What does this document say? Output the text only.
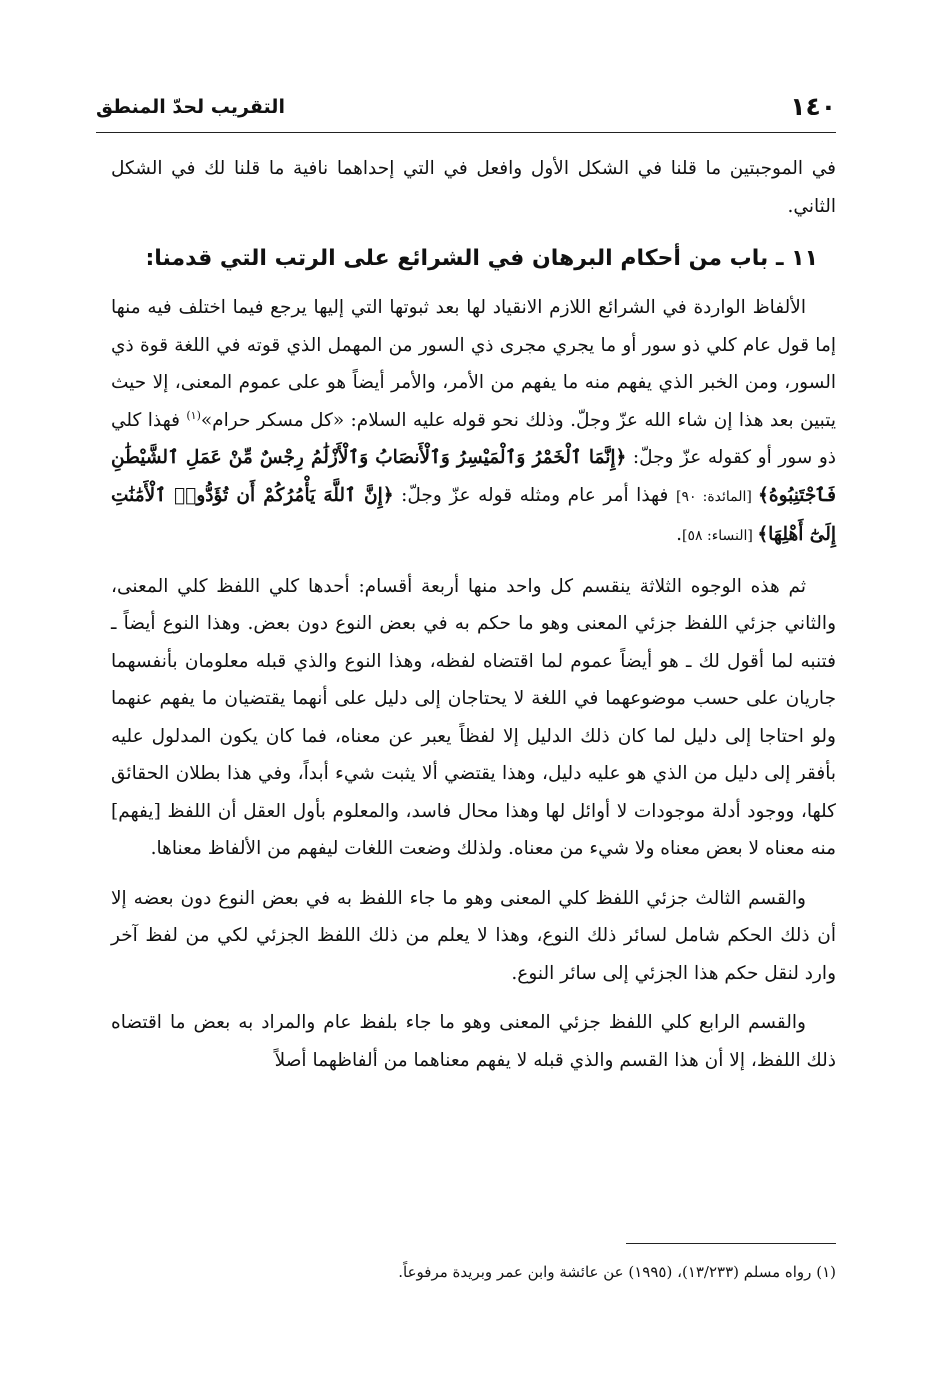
١٤٠
التقريب لحدّ المنطق

في الموجبتين ما قلنا في الشكل الأول وافعل في التي إحداهما نافية ما قلنا لك في الشكل الثاني.

١١ ـ باب من أحكام البرهان في الشرائع على الرتب التي قدمنا:

الألفاظ الواردة في الشرائع اللازم الانقياد لها بعد ثبوتها التي إليها يرجع فيما اختلف فيه منها إما قول عام كلي ذو سور أو ما يجري مجرى ذي السور من المهمل الذي قوته في اللغة قوة ذي السور، ومن الخبر الذي يفهم منه ما يفهم من الأمر، والأمر أيضاً هو على عموم المعنى، إلا حيث يتبين بعد هذا إن شاء الله عزّ وجلّ. وذلك نحو قوله عليه السلام: «كل مسكر حرام»$^{(١)}$ فهذا كلي ذو سور أو كقوله عزّ وجلّ: ﴿إِنَّمَا ٱلْخَمْرُ وَٱلْمَيْسِرُ وَٱلْأَنصَابُ وَٱلْأَزْلَٰمُ رِجْسٌ مِّنْ عَمَلِ ٱلشَّيْطَٰنِ فَٱجْتَنِبُوهُ﴾ [المائدة: ٩٠] فهذا أمر عام ومثله قوله عزّ وجلّ: ﴿إِنَّ ٱللَّهَ يَأْمُرُكُمْ أَن تُؤَدُّوا۟ ٱلْأَمَٰنَٰتِ إِلَىٰٓ أَهْلِهَا﴾ [النساء: ٥٨].

ثم هذه الوجوه الثلاثة ينقسم كل واحد منها أربعة أقسام: أحدها كلي اللفظ كلي المعنى، والثاني جزئي اللفظ جزئي المعنى وهو ما حكم به في بعض النوع دون بعض. وهذا النوع أيضاً ـ فتنبه لما أقول لك ـ هو أيضاً عموم لما اقتضاه لفظه، وهذا النوع والذي قبله معلومان بأنفسهما جاريان على حسب موضوعهما في اللغة لا يحتاجان إلى دليل على أنهما يقتضيان ما يفهم عنهما ولو احتاجا إلى دليل لما كان ذلك الدليل إلا لفظاً يعبر عن معناه، فما كان يكون المدلول عليه بأفقر إلى دليل من الذي هو عليه دليل، وهذا يقتضي ألا يثبت شيء أبداً، وفي هذا بطلان الحقائق كلها، ووجود أدلة موجودات لا أوائل لها وهذا محال فاسد، والمعلوم بأول العقل أن اللفظ [يفهم] منه معناه لا بعض معناه ولا شيء من معناه. ولذلك وضعت اللغات ليفهم من الألفاظ معناها.

والقسم الثالث جزئي اللفظ كلي المعنى وهو ما جاء اللفظ به في بعض النوع دون بعضه إلا أن ذلك الحكم شامل لسائر ذلك النوع، وهذا لا يعلم من ذلك اللفظ الجزئي لكي من لفظ آخر وارد لنقل حكم هذا الجزئي إلى سائر النوع.

والقسم الرابع كلي اللفظ جزئي المعنى وهو ما جاء بلفظ عام والمراد به بعض ما اقتضاه ذلك اللفظ، إلا أن هذا القسم والذي قبله لا يفهم معناهما من ألفاظهما أصلاً

(١) رواه مسلم (١٣/٢٣٣)، (١٩٩٥) عن عائشة وابن عمر وبريدة مرفوعاً.
